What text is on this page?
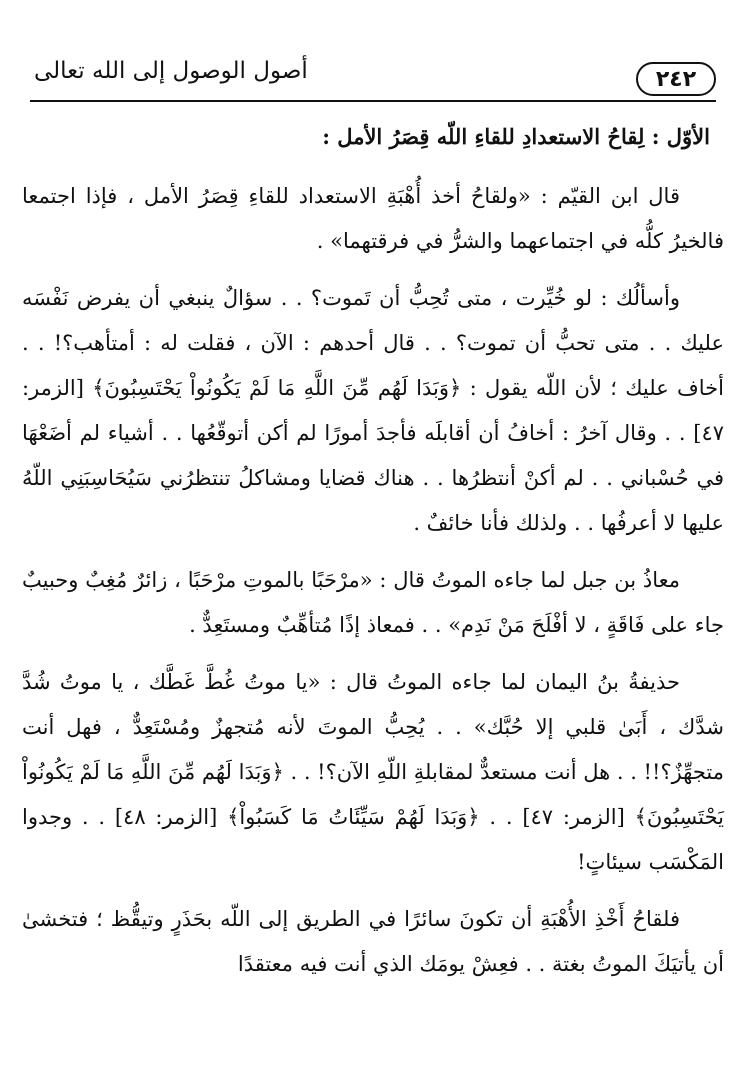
٢٤٢
أصول الوصول إلى الله تعالى

الأوّل : لِقاحُ الاستعدادِ للقاءِ اللّه قِصَرُ الأمل :

قال ابن القيّم : «ولقاحُ أخذ أُهْبَةِ الاستعداد للقاءِ قِصَرُ الأمل ، فإذا اجتمعا فالخيرُ كلُّه في اجتماعهما والشرُّ في فرقتهما» .

وأسألُك : لو خُيِّرت ، متى تُحِبُّ أن تَموت؟ . . سؤالٌ ينبغي أن يفرض نَفْسَه عليك . . متى تحبُّ أن تموت؟ . . قال أحدهم : الآن ، فقلت له : أمتأهب؟! . . أخاف عليك ؛ لأن اللّه يقول : ﴿وَبَدَا لَهُم مِّنَ اللَّهِ مَا لَمْ يَكُونُواْ يَحْتَسِبُونَ﴾ [الزمر: ٤٧] . . وقال آخرُ : أخافُ أن أقابلَه فأجدَ أمورًا لم أكن أتوقّعُها . . أشياء لم أضَعْهَا في حُسْباني . . لم أكنْ أنتظرُها . . هناك قضايا ومشاكلُ تنتظرُني سَيُحَاسِبَنِي اللّهُ عليها لا أعرفُها . . ولذلك فأنا خائفٌ .

معاذُ بن جبل لما جاءه الموتُ قال : «مرْحَبًا بالموتِ مرْحَبًا ، زائرٌ مُغِبٌ وحبيبٌ جاء على فَاقَةٍ ، لا أفْلَحَ مَنْ نَدِم» . . فمعاذ إذًا مُتأهِّبٌ ومستَعِدٌّ .

حذيفةُ بنُ اليمان لما جاءه الموتُ قال : «يا موتُ غُطَّ غَطَّك ، يا موتُ شُدَّ شدَّك ، أَبَىٰ قلبي إلا حُبَّك» . . يُحِبُّ الموتَ لأنه مُتجهزٌ ومُسْتَعِدٌّ ، فهل أنت متجهِّزٌ؟!! . . هل أنت مستعدٌّ لمقابلةِ اللّهِ الآن؟! . . ﴿وَبَدَا لَهُم مِّنَ اللَّهِ مَا لَمْ يَكُونُواْ يَحْتَسِبُونَ﴾ [الزمر: ٤٧] . . ﴿وَبَدَا لَهُمْ سَيِّئَاتُ مَا كَسَبُواْ﴾ [الزمر: ٤٨] . . وجدوا المَكْسَب سيئاتٍ!

فلقاحُ أَخْذِ الأُهْبَةِ أن تكونَ سائرًا في الطريق إلى اللّه بحَذَرٍ وتيقُّظ ؛ فتخشىٰ أن يأتيَكَ الموتُ بغتة . . فعِشْ يومَك الذي أنت فيه معتقدًا
